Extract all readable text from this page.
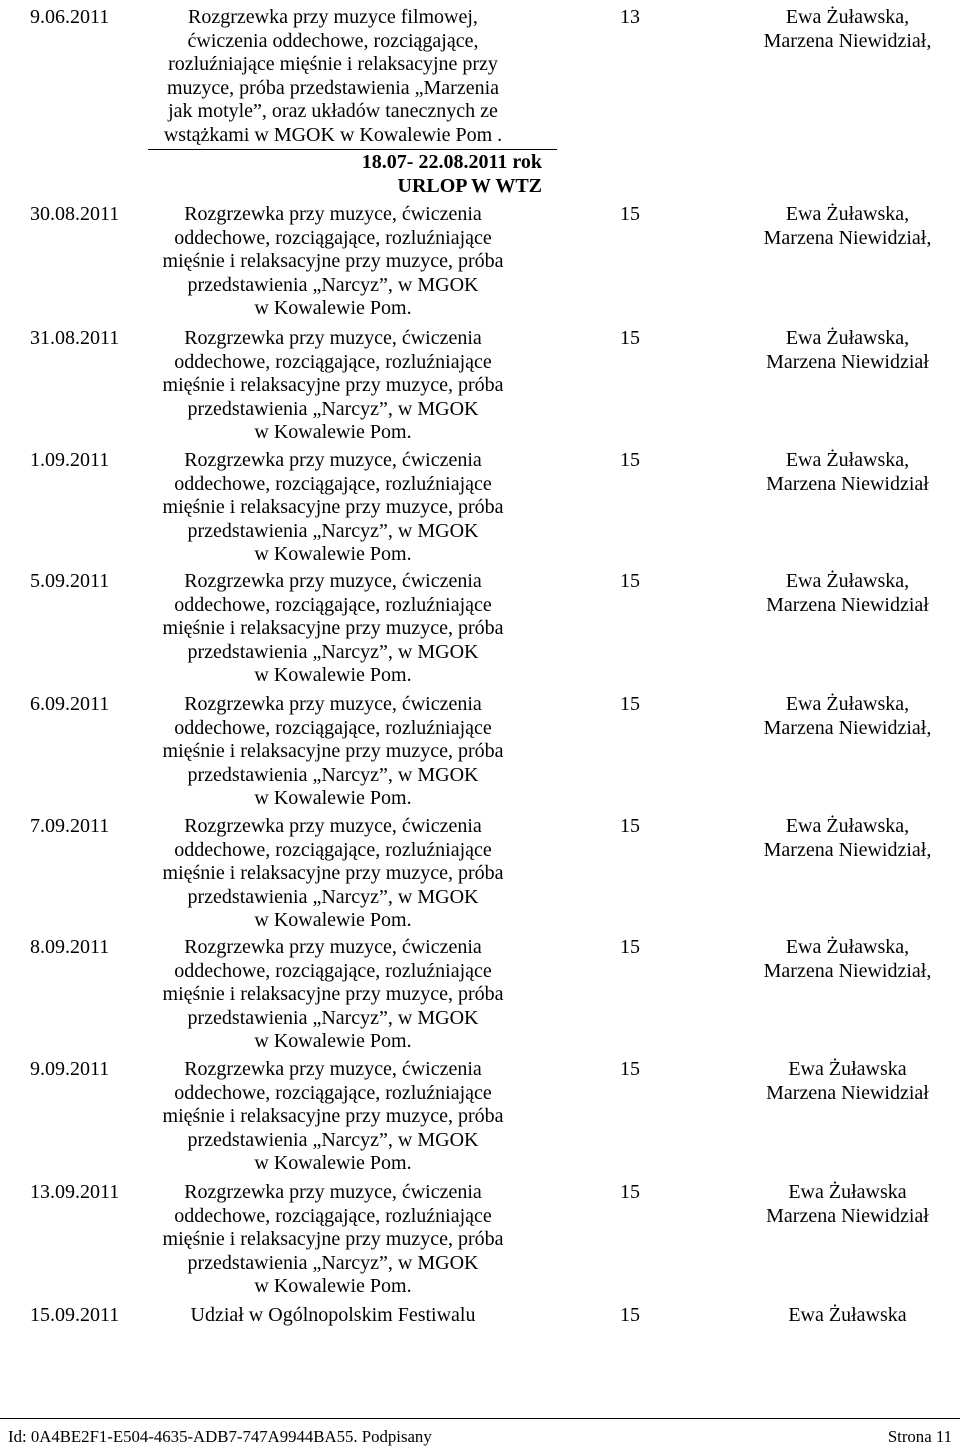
9.06.2011	Rozgrzewka przy muzyce filmowej,
ćwiczenia oddechowe, rozciągające,
rozluźniające mięśnie i relaksacyjne przy
muzyce, próba przedstawienia „Marzenia
jak motyle”, oraz układów tanecznych ze
wstążkami w MGOK w Kowalewie Pom .
13	Ewa Żuławska,
Marzena Niewidział,
18.07- 22.08.2011 rok
URLOP W WTZ
30.08.2011	Rozgrzewka przy muzyce, ćwiczenia
oddechowe, rozciągające, rozluźniające
mięśnie i relaksacyjne przy muzyce, próba
przedstawienia „Narcyz”, w MGOK
w Kowalewie Pom.
15	Ewa Żuławska,
Marzena Niewidział,
31.08.2011	Rozgrzewka przy muzyce, ćwiczenia
oddechowe, rozciągające, rozluźniające
mięśnie i relaksacyjne przy muzyce, próba
przedstawienia „Narcyz”, w MGOK
w Kowalewie Pom.
15	Ewa Żuławska,
Marzena Niewidział
1.09.2011	Rozgrzewka przy muzyce, ćwiczenia
oddechowe, rozciągające, rozluźniające
mięśnie i relaksacyjne przy muzyce, próba
przedstawienia „Narcyz”, w MGOK
w Kowalewie Pom.
15	Ewa Żuławska,
Marzena Niewidział
5.09.2011	Rozgrzewka przy muzyce, ćwiczenia
oddechowe, rozciągające, rozluźniające
mięśnie i relaksacyjne przy muzyce, próba
przedstawienia „Narcyz”, w MGOK
w Kowalewie Pom.
15	Ewa Żuławska,
Marzena Niewidział
6.09.2011	Rozgrzewka przy muzyce, ćwiczenia
oddechowe, rozciągające, rozluźniające
mięśnie i relaksacyjne przy muzyce, próba
przedstawienia „Narcyz”, w MGOK
w Kowalewie Pom.
15	Ewa Żuławska,
Marzena Niewidział,
7.09.2011	Rozgrzewka przy muzyce, ćwiczenia
oddechowe, rozciągające, rozluźniające
mięśnie i relaksacyjne przy muzyce, próba
przedstawienia „Narcyz”, w MGOK
w Kowalewie Pom.
15	Ewa Żuławska,
Marzena Niewidział,
8.09.2011	Rozgrzewka przy muzyce, ćwiczenia
oddechowe, rozciągające, rozluźniające
mięśnie i relaksacyjne przy muzyce, próba
przedstawienia „Narcyz”, w MGOK
w Kowalewie Pom.
15	Ewa Żuławska,
Marzena Niewidział,
9.09.2011	Rozgrzewka przy muzyce, ćwiczenia
oddechowe, rozciągające, rozluźniające
mięśnie i relaksacyjne przy muzyce, próba
przedstawienia „Narcyz”, w MGOK
w Kowalewie Pom.
15	Ewa Żuławska
Marzena Niewidział
13.09.2011	Rozgrzewka przy muzyce, ćwiczenia
oddechowe, rozciągające, rozluźniające
mięśnie i relaksacyjne przy muzyce, próba
przedstawienia „Narcyz”, w MGOK
w Kowalewie Pom.
15	Ewa Żuławska
Marzena Niewidział
15.09.2011	Udział w Ogólnopolskim Festiwalu	15	Ewa Żuławska
Id: 0A4BE2F1-E504-4635-ADB7-747A9944BA55. Podpisany	Strona 11
